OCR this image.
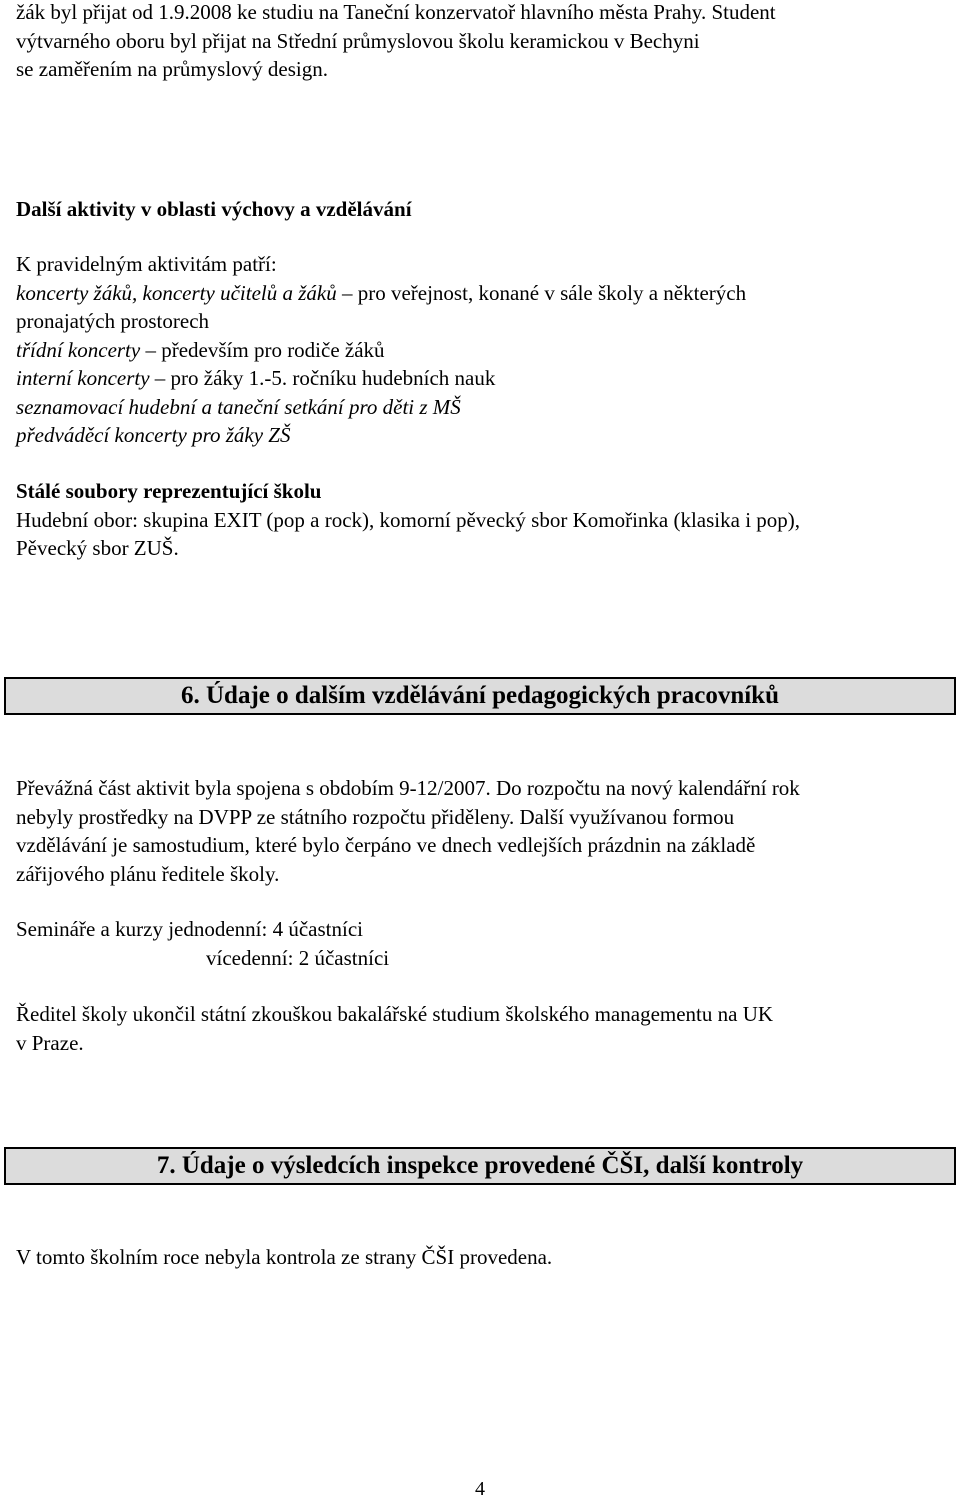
žák byl přijat od 1.9.2008 ke studiu na Taneční konzervatoř hlavního města Prahy. Student
výtvarného oboru byl přijat na Střední průmyslovou školu keramickou v Bechyni
se zaměřením na průmyslový design.
Další aktivity v oblasti výchovy a vzdělávání
K pravidelným aktivitám patří:
koncerty žáků, koncerty učitelů a žáků – pro veřejnost, konané v sále školy a některých
pronajatých prostorech
třídní koncerty – především pro rodiče žáků
interní koncerty – pro žáky 1.-5. ročníku hudebních nauk
seznamovací hudební a taneční setkání pro děti z MŠ
předváděcí koncerty pro žáky ZŠ
Stálé soubory reprezentující školu
Hudební obor: skupina EXIT (pop a rock), komorní pěvecký sbor Komořinka (klasika i pop),
Pěvecký sbor ZUŠ.
6. Údaje o dalším vzdělávání pedagogických pracovníků
Převážná část aktivit byla spojena s obdobím 9-12/2007. Do rozpočtu na nový kalendářní rok
nebyly prostředky na DVPP ze státního rozpočtu přiděleny. Další využívanou formou
vzdělávání je samostudium, které bylo čerpáno ve dnech vedlejších prázdnin na základě
zářijového plánu ředitele školy.
Semináře a kurzy jednodenní: 4 účastníci
vícedenní: 2 účastníci
Ředitel školy ukončil státní zkouškou bakalářské studium školského managementu na UK
v Praze.
7. Údaje o výsledcích inspekce provedené ČŠI, další kontroly
V tomto školním roce nebyla kontrola ze strany ČŠI provedena.
4
